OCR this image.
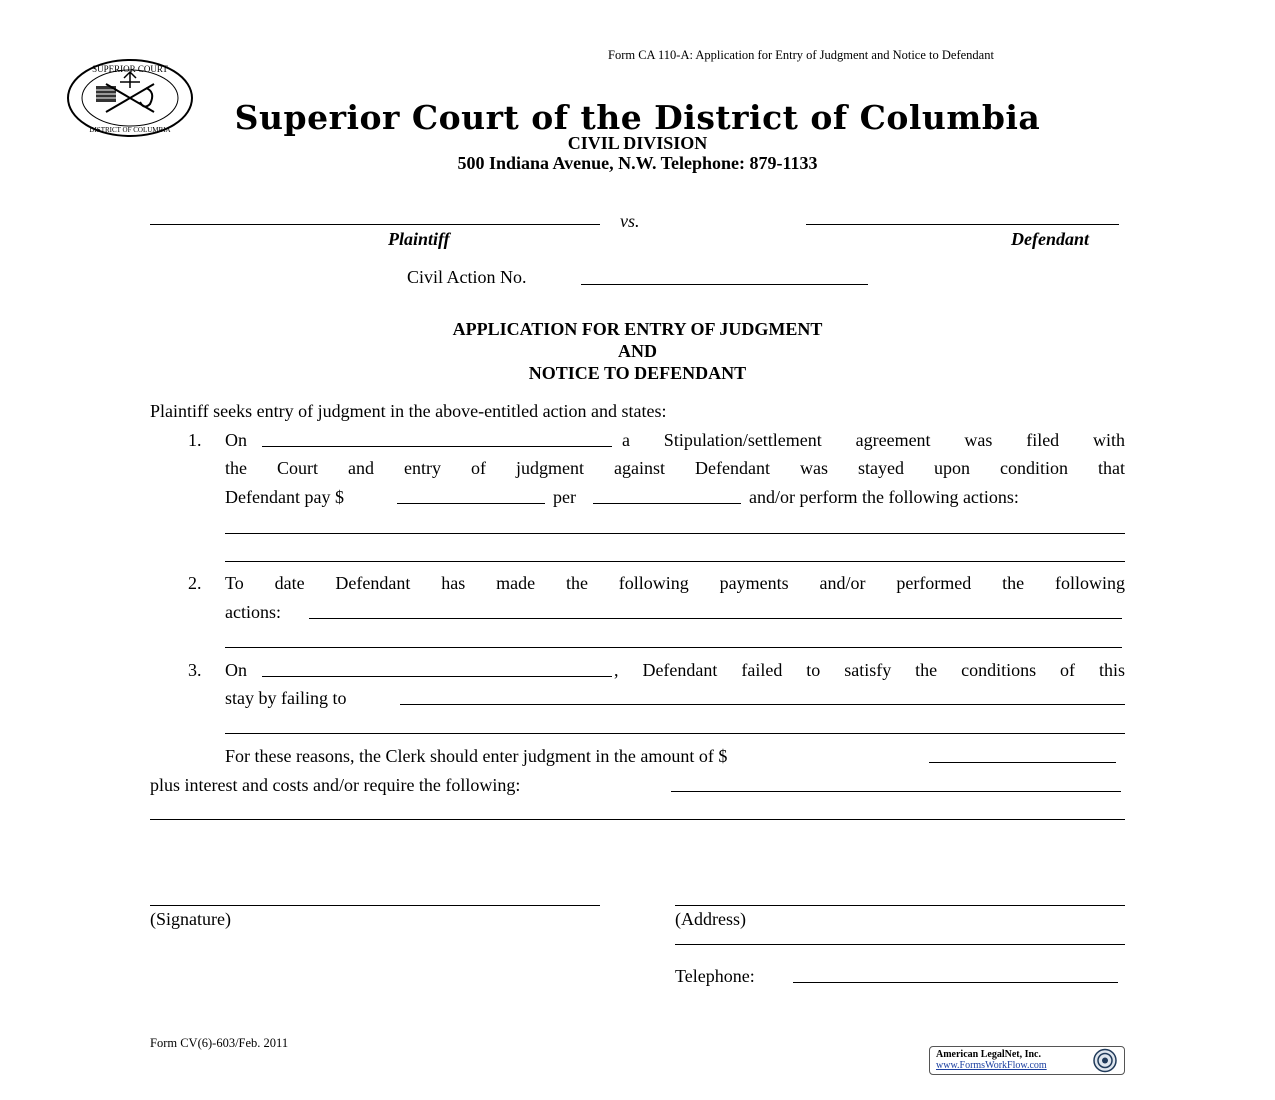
SUPERIOR COURT
DISTRICT OF COLUMBIA
Form CA 110-A: Application for Entry of Judgment and Notice to Defendant
Superior Court of the District of Columbia
CIVIL DIVISION
500 Indiana Avenue, N.W. Telephone: 879-1133
vs.
Plaintiff	Defendant
Civil Action No.
APPLICATION FOR ENTRY OF JUDGMENT
AND
NOTICE TO DEFENDANT
Plaintiff seeks entry of judgment in the above-entitled action and states:
1. On	a Stipulation/settlement agreement was filed with
the Court and entry of judgment against Defendant was stayed upon condition that
Defendant pay $	per	and/or perform the following actions:
2. To date Defendant has made the following payments and/or performed the following
actions:
3. On	, Defendant failed to satisfy the conditions of this
stay by failing to
For these reasons, the Clerk should enter judgment in the amount of $
plus interest and costs and/or require the following:
(Signature)	(Address)
Telephone:
Form CV(6)-603/Feb. 2011
American LegalNet, Inc.
www.FormsWorkFlow.com
